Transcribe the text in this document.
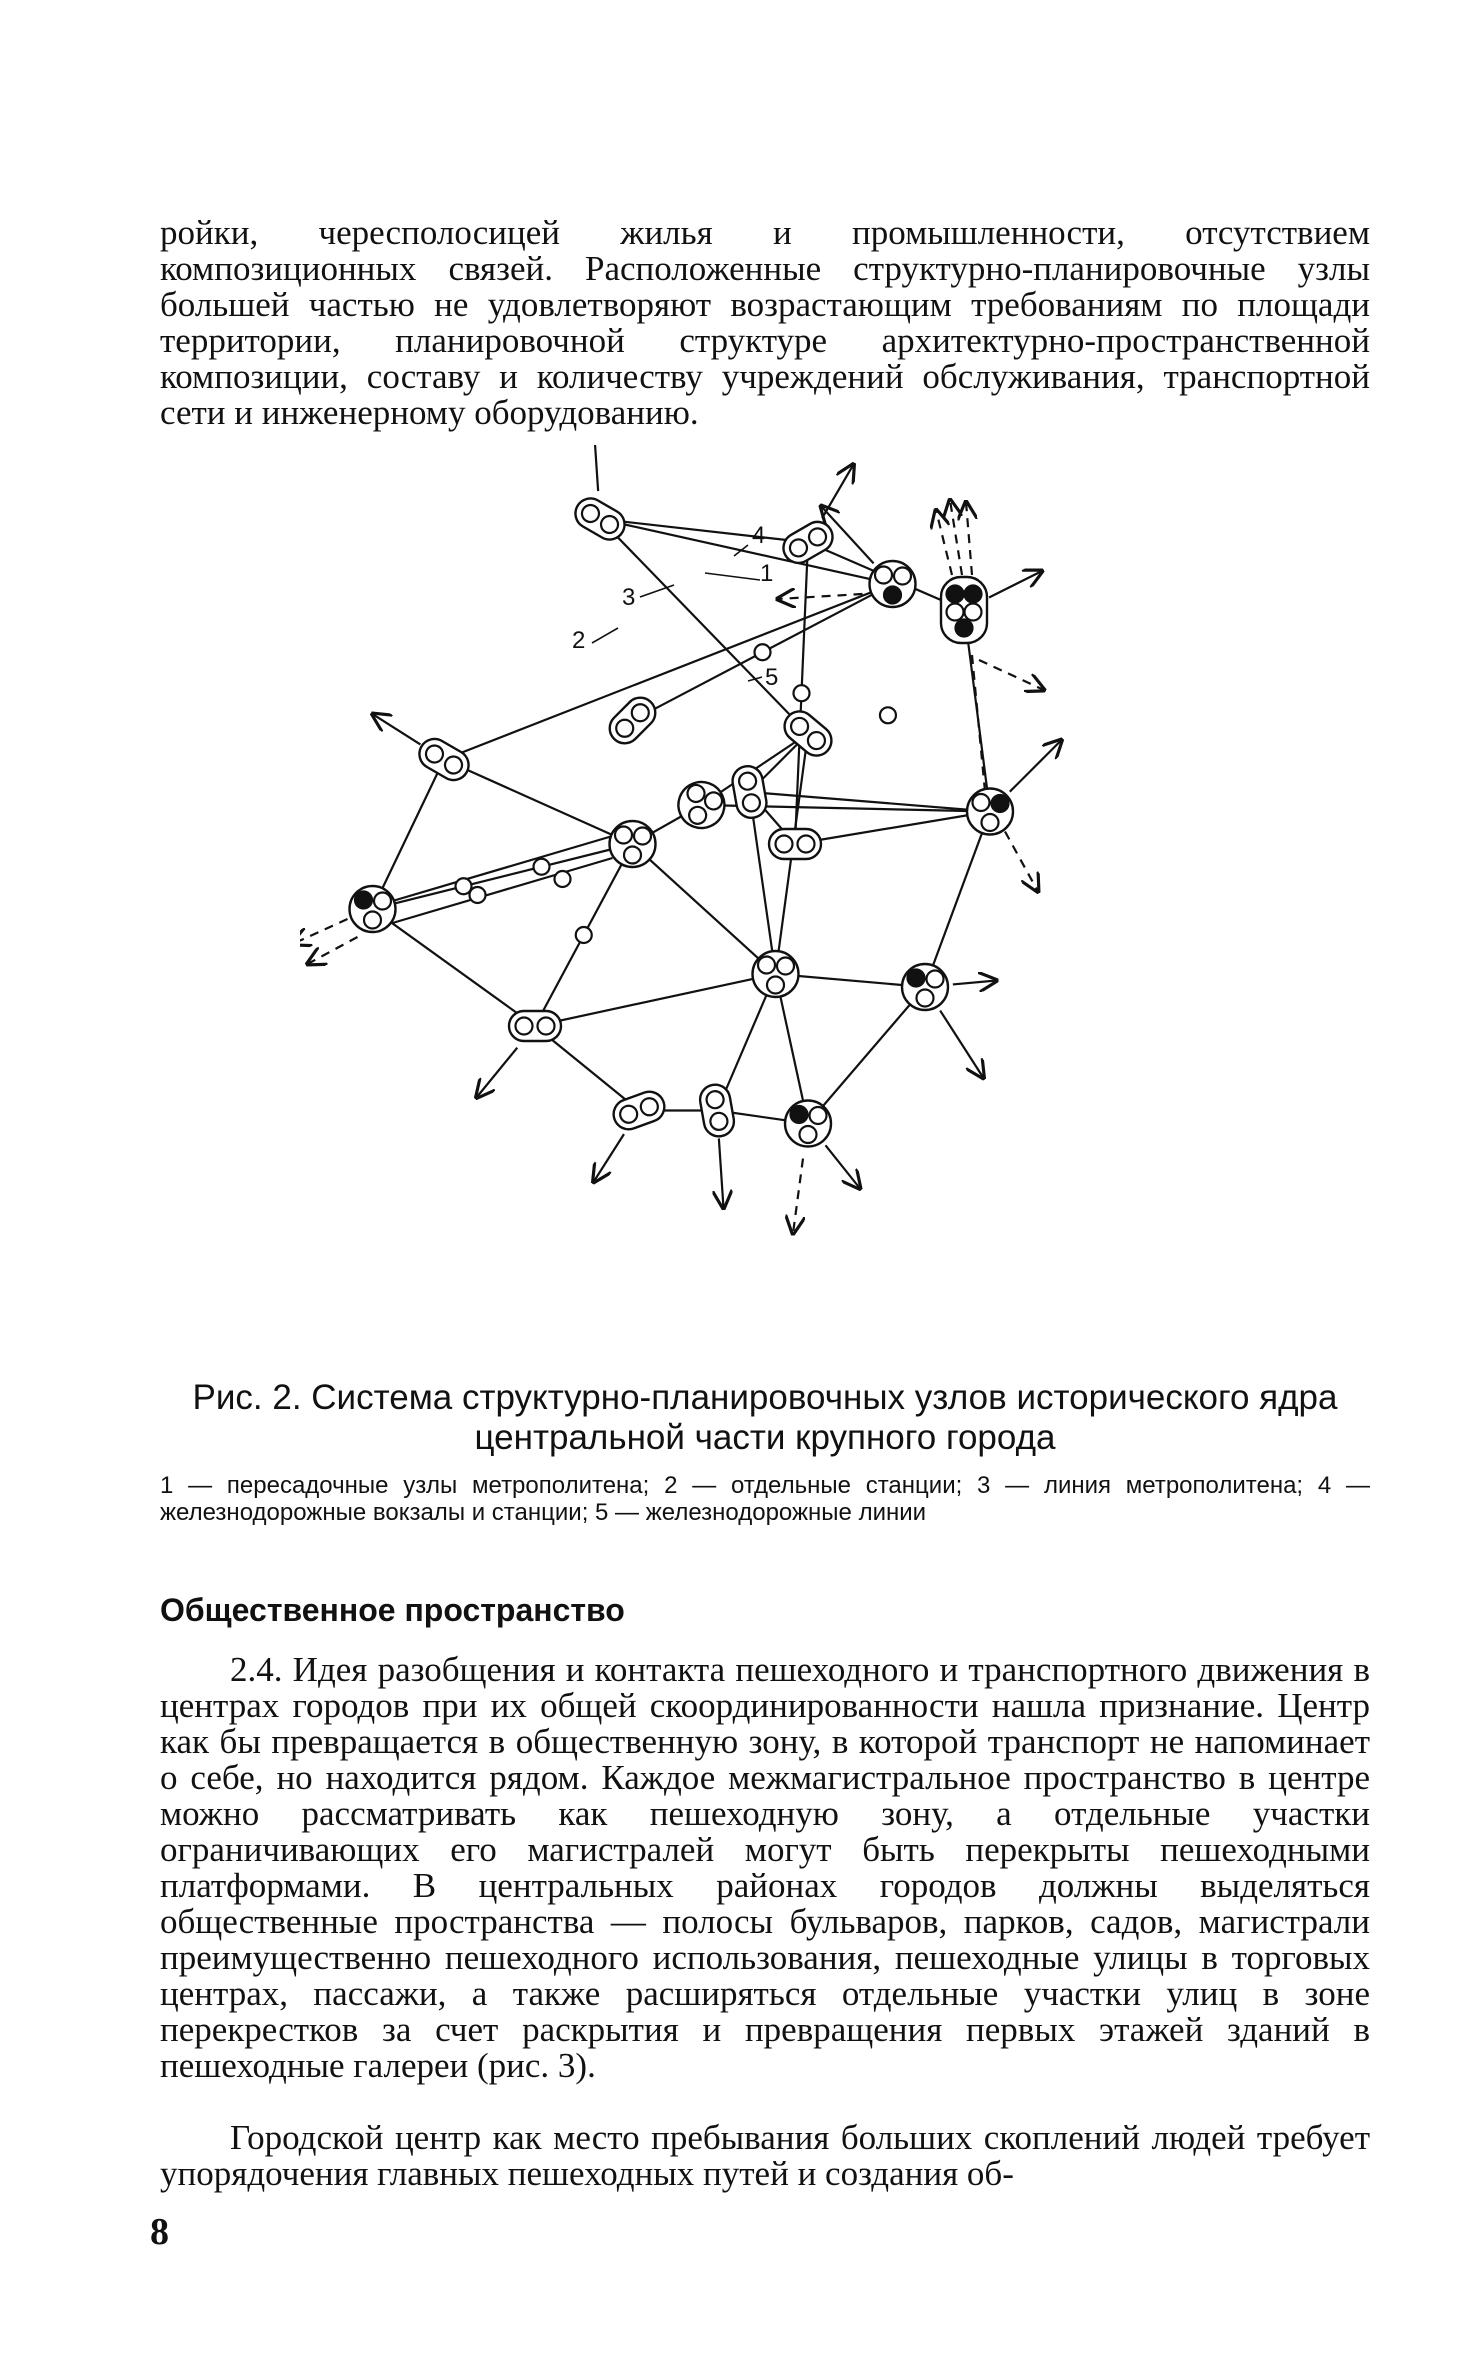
ройки, чересполосицей жилья и промышленности, отсутствием композиционных связей. Расположенные структурно-планировочные узлы большей частью не удовлетворяют возрастающим требованиям по площади территории, планировочной структуре архитектурно-пространственной композиции, составу и количеству учреждений обслуживания, транспортной сети и инженерному оборудованию.

1
2
3
4
5

Рис. 2. Система структурно-планировочных узлов исторического ядра центральной части крупного города

1 — пересадочные узлы метрополитена; 2 — отдельные станции; 3 — линия метрополитена; 4 — железнодорожные вокзалы и станции; 5 — железнодорожные линии

Общественное пространство

2.4. Идея разобщения и контакта пешеходного и транспортного движения в центрах городов при их общей скоординированности нашла признание. Центр как бы превращается в общественную зону, в которой транспорт не напоминает о себе, но находится рядом. Каждое межмагистральное пространство в центре можно рассматривать как пешеходную зону, а отдельные участки ограничивающих его магистралей могут быть перекрыты пешеходными платформами. В центральных районах городов должны выделяться общественные пространства — полосы бульваров, парков, садов, магистрали преимущественно пешеходного использования, пешеходные улицы в торговых центрах, пассажи, а также расширяться отдельные участки улиц в зоне перекрестков за счет раскрытия и превращения первых этажей зданий в пешеходные галереи (рис. 3).

Городской центр как место пребывания больших скоплений людей требует упорядочения главных пешеходных путей и создания об-

8
